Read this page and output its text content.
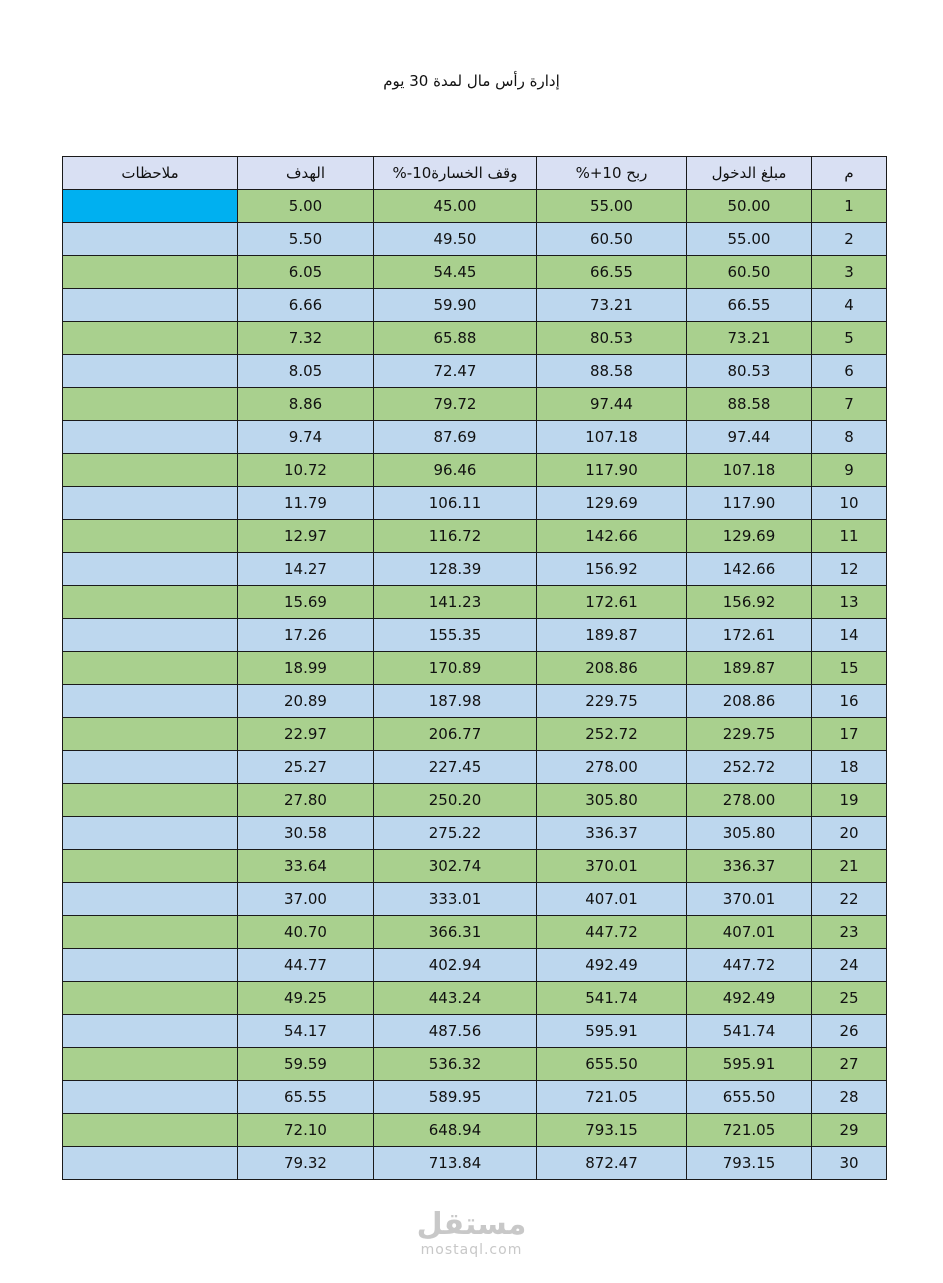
إدارة رأس مال لمدة 30 يوم
م	مبلغ الدخول	ربح 10+%	وقف الخسارة10-%	الهدف	ملاحظات
1	50.00	55.00	45.00	5.00	
2	55.00	60.50	49.50	5.50	
3	60.50	66.55	54.45	6.05	
4	66.55	73.21	59.90	6.66	
5	73.21	80.53	65.88	7.32	
6	80.53	88.58	72.47	8.05	
7	88.58	97.44	79.72	8.86	
8	97.44	107.18	87.69	9.74	
9	107.18	117.90	96.46	10.72	
10	117.90	129.69	106.11	11.79	
11	129.69	142.66	116.72	12.97	
12	142.66	156.92	128.39	14.27	
13	156.92	172.61	141.23	15.69	
14	172.61	189.87	155.35	17.26	
15	189.87	208.86	170.89	18.99	
16	208.86	229.75	187.98	20.89	
17	229.75	252.72	206.77	22.97	
18	252.72	278.00	227.45	25.27	
19	278.00	305.80	250.20	27.80	
20	305.80	336.37	275.22	30.58	
21	336.37	370.01	302.74	33.64	
22	370.01	407.01	333.01	37.00	
23	407.01	447.72	366.31	40.70	
24	447.72	492.49	402.94	44.77	
25	492.49	541.74	443.24	49.25	
26	541.74	595.91	487.56	54.17	
27	595.91	655.50	536.32	59.59	
28	655.50	721.05	589.95	65.55	
29	721.05	793.15	648.94	72.10	
30	793.15	872.47	713.84	79.32	
مستقل
mostaql.com
